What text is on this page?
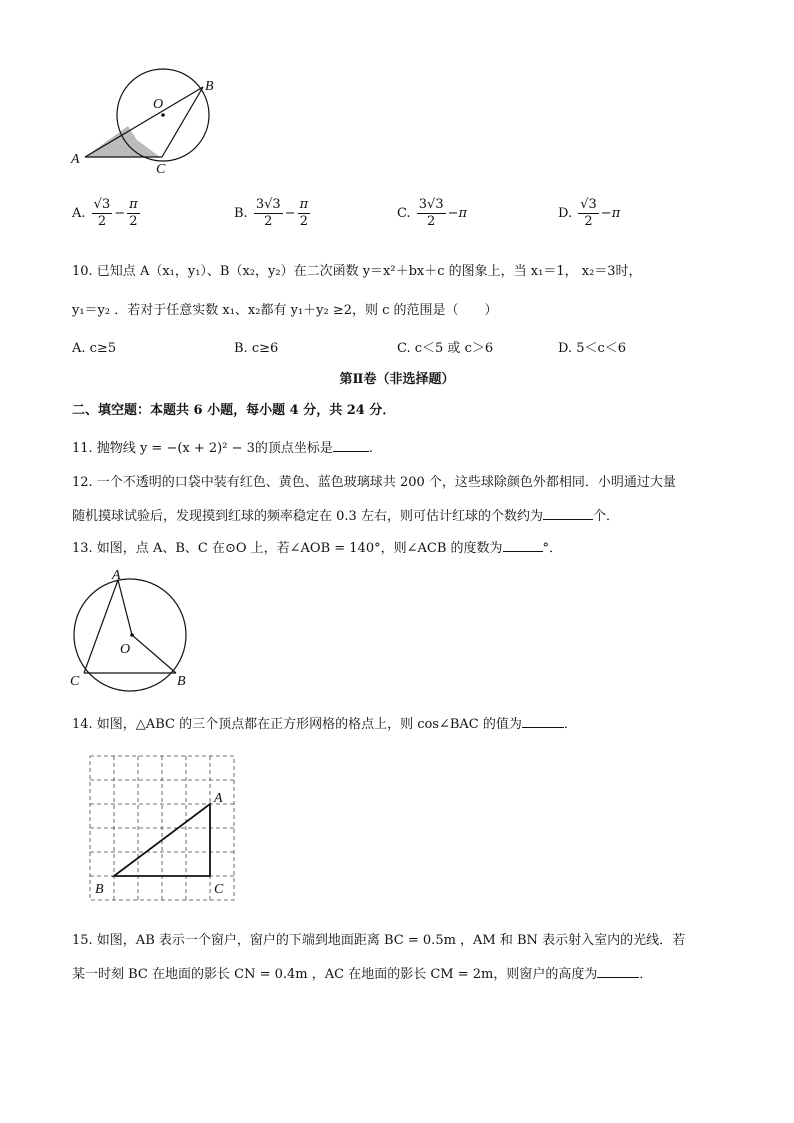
O
B
A
C
A. $\frac{√3}{2} - \frac{\pi}{2}$	B. $\frac{3√3}{2} - \frac{\pi}{2}$	C. $\frac{3√3}{2} -\pi$	D. $\frac{√3}{2} -\pi$
10. 已知点 A（x₁，y₁）、B（x₂，y₂）在二次函数 y＝x²＋bx＋c 的图象上，当 x₁＝1， x₂＝3时，
y₁＝y₂ ．若对于任意实数 x₁、x₂都有 y₁＋y₂ ≥2，则 c 的范围是（　　）
A. c≥5	B. c≥6	C. c＜5 或 c＞6	D. 5＜c＜6
第Ⅱ卷（非选择题）
二、填空题：本题共 6 小题，每小题 4 分，共 24 分．
11. 抛物线 y = −(x + 2)² − 3的顶点坐标是	.
12. 一个不透明的口袋中装有红色、黄色、蓝色玻璃球共 200 个，这些球除颜色外都相同．小明通过大量
随机摸球试验后，发现摸到红球的频率稳定在 0.3 左右，则可估计红球的个数约为	个．
13. 如图，点 A、B、C 在⊙O 上，若∠AOB = 140°，则∠ACB 的度数为	°．
A
O
C	B
14. 如图，△ABC 的三个顶点都在正方形网格的格点上，则 cos∠BAC 的值为	．
A
B	C
15. 如图，AB 表示一个窗户，窗户的下端到地面距离 BC = 0.5m ，AM 和 BN 表示射入室内的光线．若
某一时刻 BC 在地面的影长 CN = 0.4m ，AC 在地面的影长 CM = 2m，则窗户的高度为	．
